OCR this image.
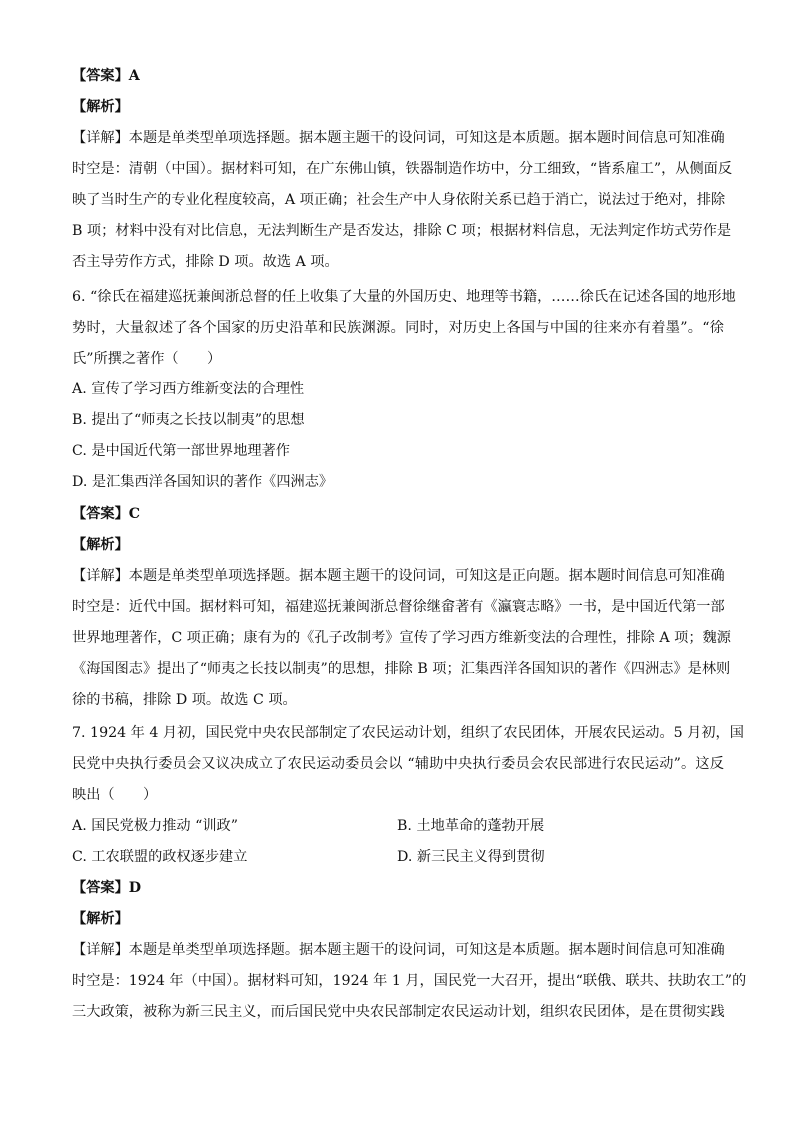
【答案】A
【解析】
【详解】本题是单类型单项选择题。据本题主题干的设问词，可知这是本质题。据本题时间信息可知准确
时空是：清朝（中国）。据材料可知，在广东佛山镇，铁器制造作坊中，分工细致，“皆系雇工”，从侧面反
映了当时生产的专业化程度较高，A 项正确；社会生产中人身依附关系已趋于消亡，说法过于绝对，排除
B 项；材料中没有对比信息，无法判断生产是否发达，排除 C 项；根据材料信息，无法判定作坊式劳作是
否主导劳作方式，排除 D 项。故选 A 项。
6. “徐氏在福建巡抚兼闽浙总督的任上收集了大量的外国历史、地理等书籍，……徐氏在记述各国的地形地
势时，大量叙述了各个国家的历史沿革和民族渊源。同时，对历史上各国与中国的往来亦有着墨”。“徐
氏”所撰之著作（　　）
A. 宣传了学习西方维新变法的合理性
B. 提出了“师夷之长技以制夷”的思想
C. 是中国近代第一部世界地理著作
D. 是汇集西洋各国知识的著作《四洲志》
【答案】C
【解析】
【详解】本题是单类型单项选择题。据本题主题干的设问词，可知这是正向题。据本题时间信息可知准确
时空是：近代中国。据材料可知，福建巡抚兼闽浙总督徐继畲著有《瀛寰志略》一书，是中国近代第一部
世界地理著作，C 项正确；康有为的《孔子改制考》宣传了学习西方维新变法的合理性，排除 A 项；魏源
《海国图志》提出了“师夷之长技以制夷”的思想，排除 B 项；汇集西洋各国知识的著作《四洲志》是林则
徐的书稿，排除 D 项。故选 C 项。
7. 1924 年 4 月初，国民党中央农民部制定了农民运动计划，组织了农民团体，开展农民运动。5 月初，国
民党中央执行委员会又议决成立了农民运动委员会以 “辅助中央执行委员会农民部进行农民运动”。这反
映出（　　）
A. 国民党极力推动 “训政”	B. 土地革命的蓬勃开展
C. 工农联盟的政权逐步建立	D. 新三民主义得到贯彻
【答案】D
【解析】
【详解】本题是单类型单项选择题。据本题主题干的设问词，可知这是本质题。据本题时间信息可知准确
时空是：1924 年（中国）。据材料可知，1924 年 1 月，国民党一大召开，提出“联俄、联共、扶助农工”的
三大政策，被称为新三民主义，而后国民党中央农民部制定农民运动计划，组织农民团体，是在贯彻实践
